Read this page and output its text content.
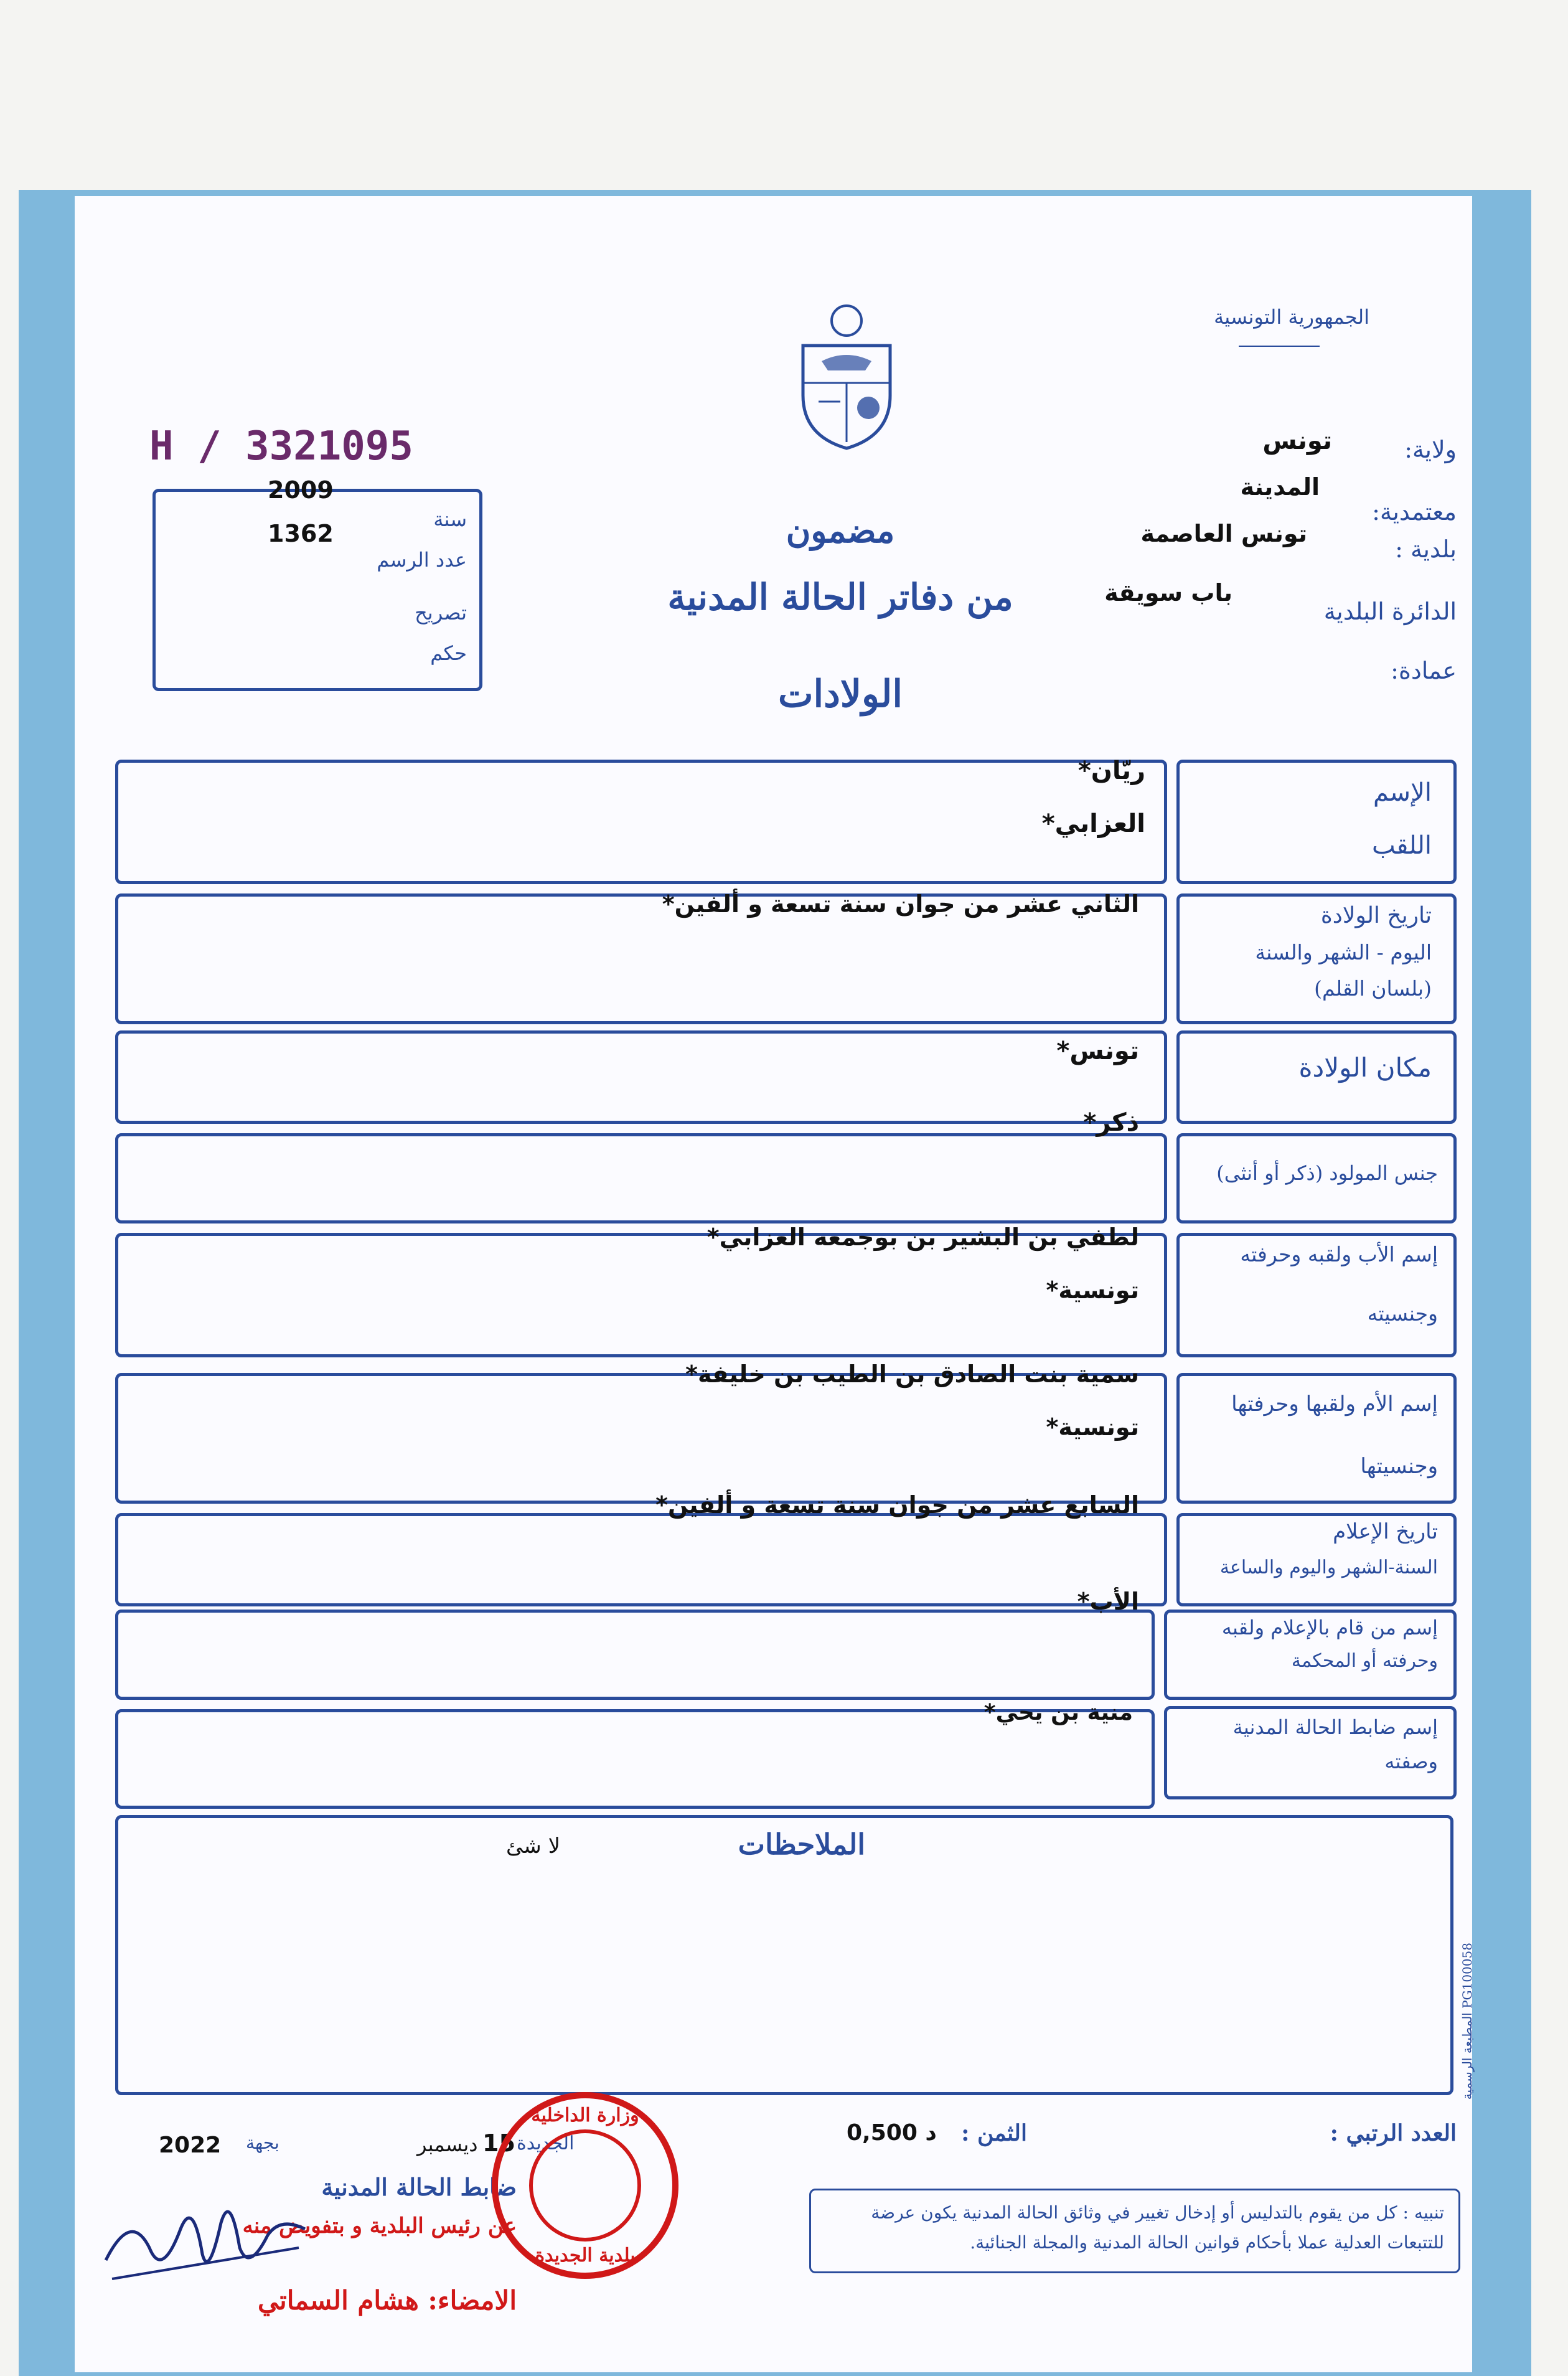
الجمهورية التونسية
H / 3321095
2009
سنة
1362
عدد الرسم
تصريح
حكم
ولاية:
تونس
المدينة
معتمدية:
تونس العاصمة
بلدية :
باب سويقة
الدائرة البلدية
عمادة:
مضمون
من دفاتر الحالة المدنية
الولادات
الإسم
اللقب
ريّان*
العزابي*
تاريخ الولادة
اليوم - الشهر والسنة
(بلسان القلم)
الثاني عشر من جوان سنة تسعة و ألفين*
مكان الولادة
تونس*
جنس المولود (ذكر أو أنثى)
ذكر*
إسم الأب ولقبه وحرفته
وجنسيته
لطفي بن البشير بن بوجمعه العزابي*
تونسية*
إسم الأم ولقبها وحرفتها
وجنسيتها
سمية بنت الصادق بن الطيب بن خليفة*
تونسية*
تاريخ الإعلام
السنة-الشهر واليوم والساعة
السابع عشر من جوان سنة تسعة و ألفين*
إسم من قام بالإعلام ولقبه
وحرفته أو المحكمة
الأب*
إسم ضابط الحالة المدنية
وصفته
منية بن يحي*
الملاحظات
لا شئ
المطبعة الرسمية PG100058
العدد الرتبي :
الثمن :
0,500 د
2022 بجهة	ديسمبر 15 الجديدة
ضابط الحالة المدنية
عن رئيس البلدية و بتفويض منه
الامضاء: هشام السماتي
وزارة الداخلية
بلدية الجديدة
تنبيه : كل من يقوم بالتدليس أو إدخال تغيير في وثائق الحالة المدنية يكون عرضة للتتبعات العدلية عملا بأحكام قوانين الحالة المدنية والمجلة الجنائية.
